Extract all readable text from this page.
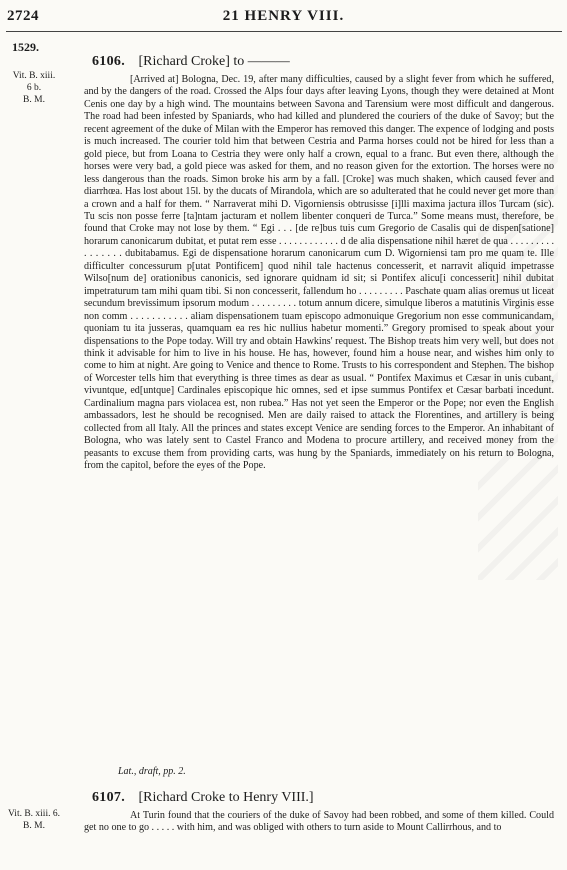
2724	21 HENRY VIII.
1529.
6106. [Richard Croke] to ———
Vit. B. xiii.
6 b.
B. M.
[Arrived at] Bologna, Dec. 19, after many difficulties, caused by a slight fever from which he suffered, and by the dangers of the road. Crossed the Alps four days after leaving Lyons, though they were detained at Mont Cenis one day by a high wind. The mountains between Savona and Tarensium were most difficult and dangerous. The road had been infested by Spaniards, who had killed and plundered the couriers of the duke of Savoy; but the recent agreement of the duke of Milan with the Emperor has removed this danger. The expence of lodging and posts is much increased. The courier told him that between Cestria and Parma horses could not be hired for less than a gold piece, but from Loana to Cestria they were only half a crown, equal to a franc. But even there, although the horses were very bad, a gold piece was asked for them, and no reason given for the extortion. The horses were no less dangerous than the roads. Simon broke his arm by a fall. [Croke] was much shaken, which caused fever and diarrhœa. Has lost about 15l. by the ducats of Mirandola, which are so adulterated that he could never get more than a crown and a half for them. “ Narraverat mihi D. Vigorniensis obtrusisse [i]lli maxima jactura illos Turcam (sic). Tu scis non posse ferre [ta]ntam jacturam et nollem libenter conqueri de Turca.” Some means must, therefore, be found that Croke may not lose by them. “ Egi . . . [de re]bus tuis cum Gregorio de Casalis qui de dispen[satione] horarum canonicarum dubitat, et putat rem esse . . . . . . . . . . . . d de alia dispensatione nihil hæret de qua . . . . . . . . . . . . . . . . dubitabamus. Egi de dispensatione horarum canonicarum cum D. Wigorniensi tam pro me quam te. Ille difficulter concessurum p[utat Pontificem] quod nihil tale hactenus concesserit, et narravit aliquid impetrasse Wilso[num de] orationibus canonicis, sed ignorare quidnam id sit; si Pontifex alicu[i concesserit] nihil dubitat impetraturum tam mihi quam tibi. Si non concesserit, fallendum ho . . . . . . . . . Paschate quam alias oremus ut liceat secundum brevissimum ipsorum modum . . . . . . . . . totum annum dicere, simulque liberos a matutinis Virginis esse non comm . . . . . . . . . . . aliam dispensationem tuam episcopo admonuique Gregorium non esse communicandam, quoniam tu ita jusseras, quamquam ea res hic nullius habetur momenti.” Gregory promised to speak about your dispensations to the Pope today. Will try and obtain Hawkins' request. The Bishop treats him very well, but does not think it advisable for him to live in his house. He has, however, found him a house near, and wishes him only to come to him at night. Are going to Venice and thence to Rome. Trusts to his correspondent and Stephen. The bishop of Worcester tells him that everything is three times as dear as usual. “ Pontifex Maximus et Cæsar in unis cubant, vivuntque, ed[untque] Cardinales episcopique hic omnes, sed et ipse summus Pontifex et Cæsar barbati incedunt. Cardinalium magna pars violacea est, non rubea.” Has not yet seen the Emperor or the Pope; nor even the English ambassadors, lest he should be recognised. Men are daily raised to attack the Florentines, and artillery is being collected from all Italy. All the princes and states except Venice are sending forces to the Emperor. An inhabitant of Bologna, who was lately sent to Castel Franco and Modena to procure artillery, and received money from the peasants to excuse them from providing carts, was hung by the Spaniards, immediately on his return to Bologna, from the capitol, before the eyes of the Pope.
Lat., draft, pp. 2.
6107. [Richard Croke to Henry VIII.]
Vit. B. xiii. 6.
B. M.
At Turin found that the couriers of the duke of Savoy had been robbed, and some of them killed. Could get no one to go . . . . . with him, and was obliged with others to turn aside to Mount Callirrhous, and to
